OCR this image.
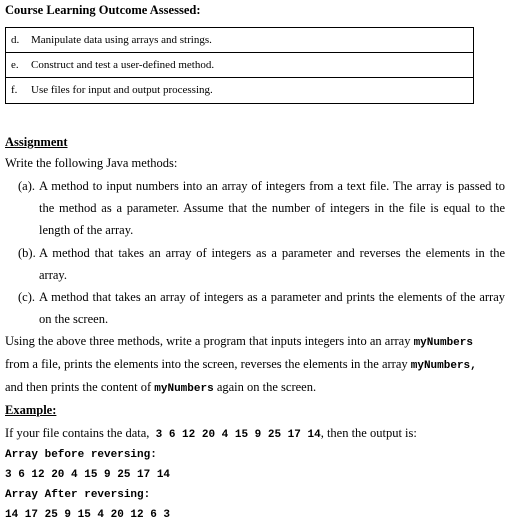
Course Learning Outcome Assessed:
d. Manipulate data using arrays and strings.
e. Construct and test a user-defined method.
f. Use files for input and output processing.
Assignment
Write the following Java methods:
(a). A method to input numbers into an array of integers from a text file. The array is passed to
the method as a parameter. Assume that the number of integers in the file is equal to the
length of the array.
(b). A method that takes an array of integers as a parameter and reverses the elements in the
array.
(c). A method that takes an array of integers as a parameter and prints the elements of the array
on the screen.
Using the above three methods, write a program that inputs integers into an array myNumbers
from a file, prints the elements into the screen, reverses the elements in the array myNumbers,
and then prints the content of myNumbers again on the screen.
Example:
If your file contains the data, 3 6 12 20 4 15 9 25 17 14, then the output is:
Array before reversing:
3 6 12 20 4 15 9 25 17 14
Array After reversing:
14 17 25 9 15 4 20 12 6 3
